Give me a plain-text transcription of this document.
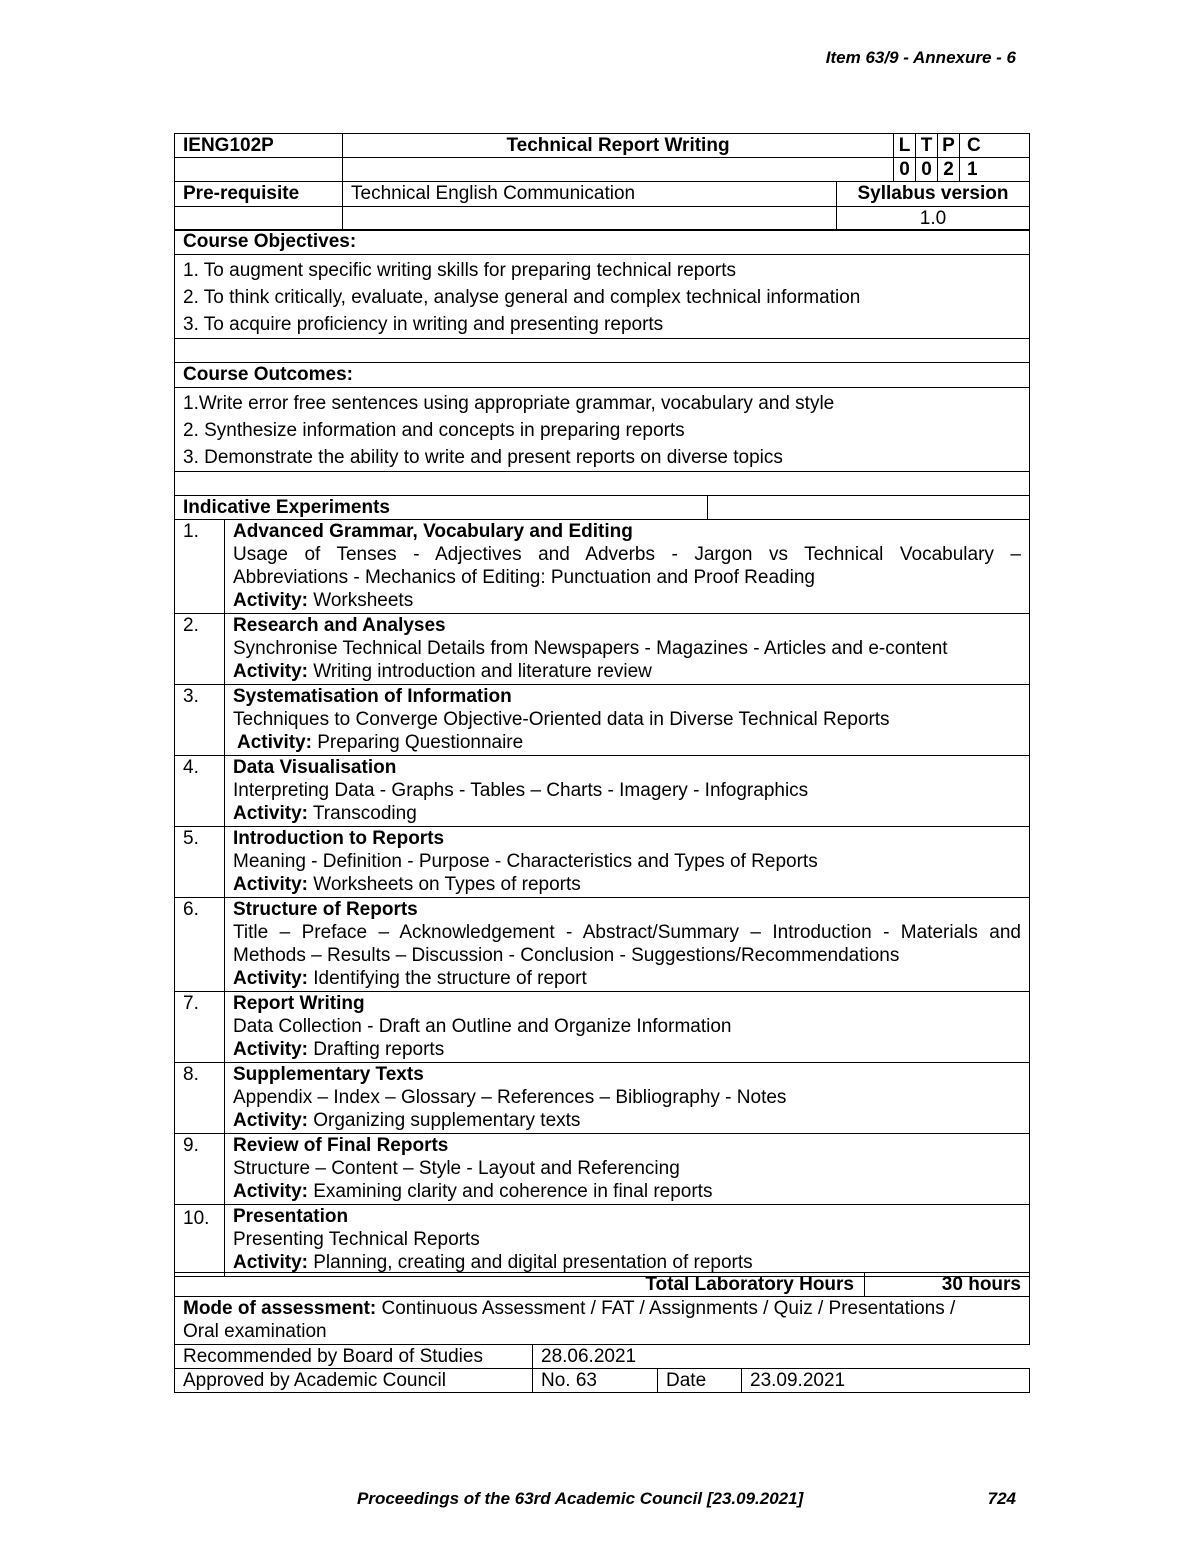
Item 63/9 - Annexure - 6
IENG102P	Technical Report Writing		L	T	P	C
			0	0	2	1
Pre-requisite	Technical English Communication	Syllabus version				
		1.0				
Course Objectives:		

1. To augment specific writing skills for preparing technical reports
2. To think critically, evaluate, analyse general and complex technical information
3. To acquire proficiency in writing and presenting reports		

Course Outcomes:		

1.Write error free sentences using appropriate grammar, vocabulary and style
2. Synthesize information and concepts in preparing reports
3. Demonstrate the ability to write and present reports on diverse topics		

Indicative Experiments		
1.	Advanced Grammar, Vocabulary and Editing
Usage of Tenses - Adjectives and Adverbs - Jargon vs Technical Vocabulary –
Abbreviations - Mechanics of Editing: Punctuation and Proof Reading
Activity: Worksheets	

2.	Research and Analyses
Synchronise Technical Details from Newspapers - Magazines - Articles and e-content
Activity: Writing introduction and literature review	

3.	Systematisation of Information
Techniques to Converge Objective-Oriented data in Diverse Technical Reports
Activity: Preparing Questionnaire	

4.	Data Visualisation
Interpreting Data - Graphs - Tables – Charts - Imagery - Infographics
Activity: Transcoding	

5.	Introduction to Reports
Meaning - Definition - Purpose - Characteristics and Types of Reports
Activity: Worksheets on Types of reports	

6.	Structure of Reports
Title – Preface – Acknowledgement - Abstract/Summary – Introduction - Materials and
Methods – Results – Discussion - Conclusion - Suggestions/Recommendations
Activity: Identifying the structure of report	

7.	Report Writing
Data Collection - Draft an Outline and Organize Information
Activity: Drafting reports	

8.	Supplementary Texts
Appendix – Index – Glossary – References – Bibliography - Notes
Activity: Organizing supplementary texts	

9.	Review of Final Reports
Structure – Content – Style - Layout and Referencing
Activity: Examining clarity and coherence in final reports	

10.	Presentation
Presenting Technical Reports
Activity: Planning, creating and digital presentation of reports	
Total Laboratory Hours	30 hours

Mode of assessment: Continuous Assessment / FAT / Assignments / Quiz / Presentations /
Oral examination
Recommended by Board of Studies	28.06.2021		
Approved by Academic Council	No. 63	Date	23.09.2021
Proceedings of the 63rd Academic Council [23.09.2021]	724
